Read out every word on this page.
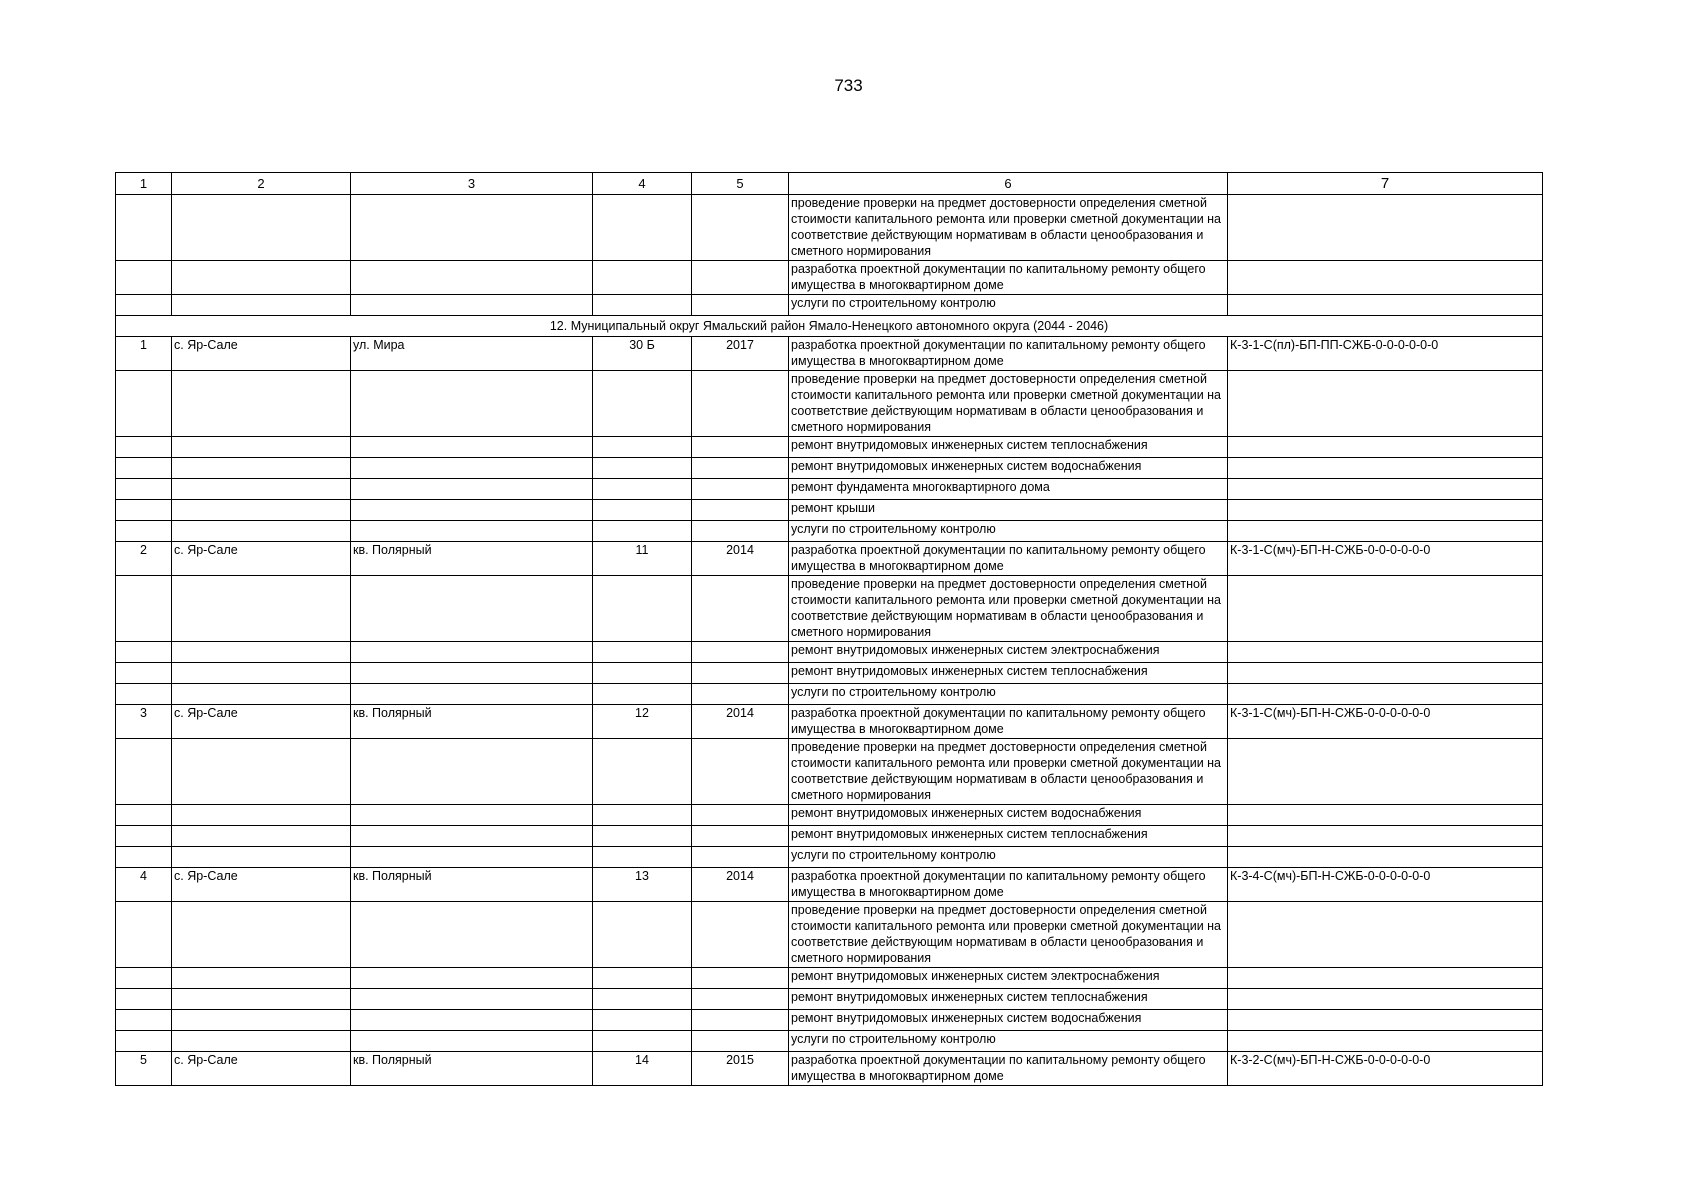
733
1	2	3	4	5	6	7
					проведение проверки на предмет достоверности определения сметной стоимости капитального ремонта или проверки сметной документации на соответствие действующим нормативам в области ценообразования и сметного нормирования	
					разработка проектной документации по капитальному ремонту общего имущества в многоквартирном доме	
					услуги по строительному контролю	
12. Муниципальный округ Ямальский район Ямало-Ненецкого автономного округа (2044 - 2046)						
1	с. Яр-Сале	ул. Мира	30 Б	2017	разработка проектной документации по капитальному ремонту общего имущества в многоквартирном доме	К-3-1-С(пл)-БП-ПП-СЖБ-0-0-0-0-0-0
					проведение проверки на предмет достоверности определения сметной стоимости капитального ремонта или проверки сметной документации на соответствие действующим нормативам в области ценообразования и сметного нормирования	
					ремонт внутридомовых инженерных систем теплоснабжения	
					ремонт внутридомовых инженерных систем водоснабжения	
					ремонт фундамента многоквартирного дома	
					ремонт крыши	
					услуги по строительному контролю	
2	с. Яр-Сале	кв. Полярный	11	2014	разработка проектной документации по капитальному ремонту общего имущества в многоквартирном доме	К-3-1-С(мч)-БП-Н-СЖБ-0-0-0-0-0-0
					проведение проверки на предмет достоверности определения сметной стоимости капитального ремонта или проверки сметной документации на соответствие действующим нормативам в области ценообразования и сметного нормирования	
					ремонт внутридомовых инженерных систем электроснабжения	
					ремонт внутридомовых инженерных систем теплоснабжения	
					услуги по строительному контролю	
3	с. Яр-Сале	кв. Полярный	12	2014	разработка проектной документации по капитальному ремонту общего имущества в многоквартирном доме	К-3-1-С(мч)-БП-Н-СЖБ-0-0-0-0-0-0
					проведение проверки на предмет достоверности определения сметной стоимости капитального ремонта или проверки сметной документации на соответствие действующим нормативам в области ценообразования и сметного нормирования	
					ремонт внутридомовых инженерных систем водоснабжения	
					ремонт внутридомовых инженерных систем теплоснабжения	
					услуги по строительному контролю	
4	с. Яр-Сале	кв. Полярный	13	2014	разработка проектной документации по капитальному ремонту общего имущества в многоквартирном доме	К-3-4-С(мч)-БП-Н-СЖБ-0-0-0-0-0-0
					проведение проверки на предмет достоверности определения сметной стоимости капитального ремонта или проверки сметной документации на соответствие действующим нормативам в области ценообразования и сметного нормирования	
					ремонт внутридомовых инженерных систем электроснабжения	
					ремонт внутридомовых инженерных систем теплоснабжения	
					ремонт внутридомовых инженерных систем водоснабжения	
					услуги по строительному контролю	
5	с. Яр-Сале	кв. Полярный	14	2015	разработка проектной документации по капитальному ремонту общего имущества в многоквартирном доме	К-3-2-С(мч)-БП-Н-СЖБ-0-0-0-0-0-0
